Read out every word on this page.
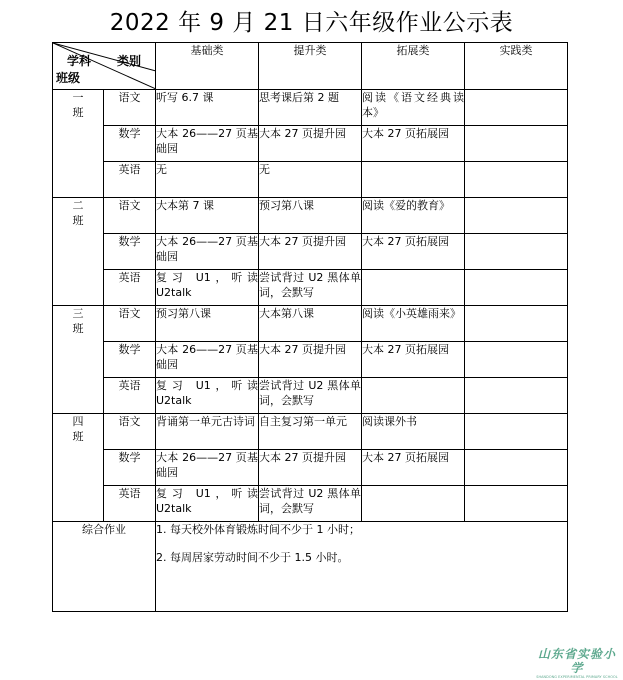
2022 年 9 月 21 日六年级作业公示表
学科 类别
班级		基础类	提升类	拓展类	实践类
一
班	语文	听写 6.7 课	思考课后第 2 题	阅读《语文经典读本》	
	数学	大本 26——27 页基础园	大本 27 页提升园	大本 27 页拓展园	
	英语	无	无		
二
班	语文	大本第 7 课	预习第八课	阅读《爱的教育》	
	数学	大本 26——27 页基础园	大本 27 页提升园	大本 27 页拓展园	
	英语	复习 U1，听读 U2talk	尝试背过 U2 黑体单词，会默写		
三
班	语文	预习第八课	大本第八课	阅读《小英雄雨来》	
	数学	大本 26——27 页基础园	大本 27 页提升园	大本 27 页拓展园	
	英语	复习 U1，听读 U2talk	尝试背过 U2 黑体单词，会默写		
四
班	语文	背诵第一单元古诗词	自主复习第一单元	阅读课外书	
	数学	大本 26——27 页基础园	大本 27 页提升园	大本 27 页拓展园	
	英语	复习 U1，听读 U2talk	尝试背过 U2 黑体单词，会默写		
综合作业		1. 每天校外体育锻炼时间不少于 1 小时；
2. 每周居家劳动时间不少于 1.5 小时。			
山东省实验小学
SHANDONG EXPERIMENTAL PRIMARY SCHOOL
